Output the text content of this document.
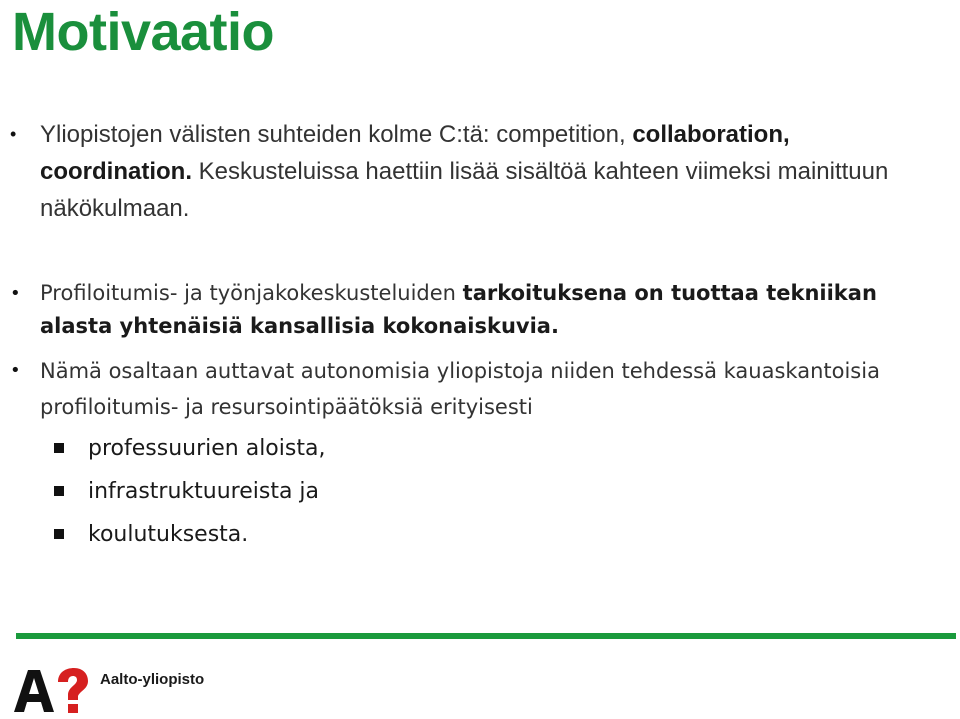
Motivaatio
• Yliopistojen välisten suhteiden kolme C:tä: competition, collaboration, coordination. Keskusteluissa haettiin lisää sisältöä kahteen viimeksi mainittuun näkökulmaan.
• Profiloitumis- ja työnjakokeskusteluiden tarkoituksena on tuottaa tekniikan alasta yhtenäisiä kansallisia kokonaiskuvia.
• Nämä osaltaan auttavat autonomisia yliopistoja niiden tehdessä kauaskantoisia profiloitumis- ja resursointipäätöksiä erityisesti
professuurien aloista,
infrastruktuureista ja
koulutuksesta.
Aalto-yliopisto
